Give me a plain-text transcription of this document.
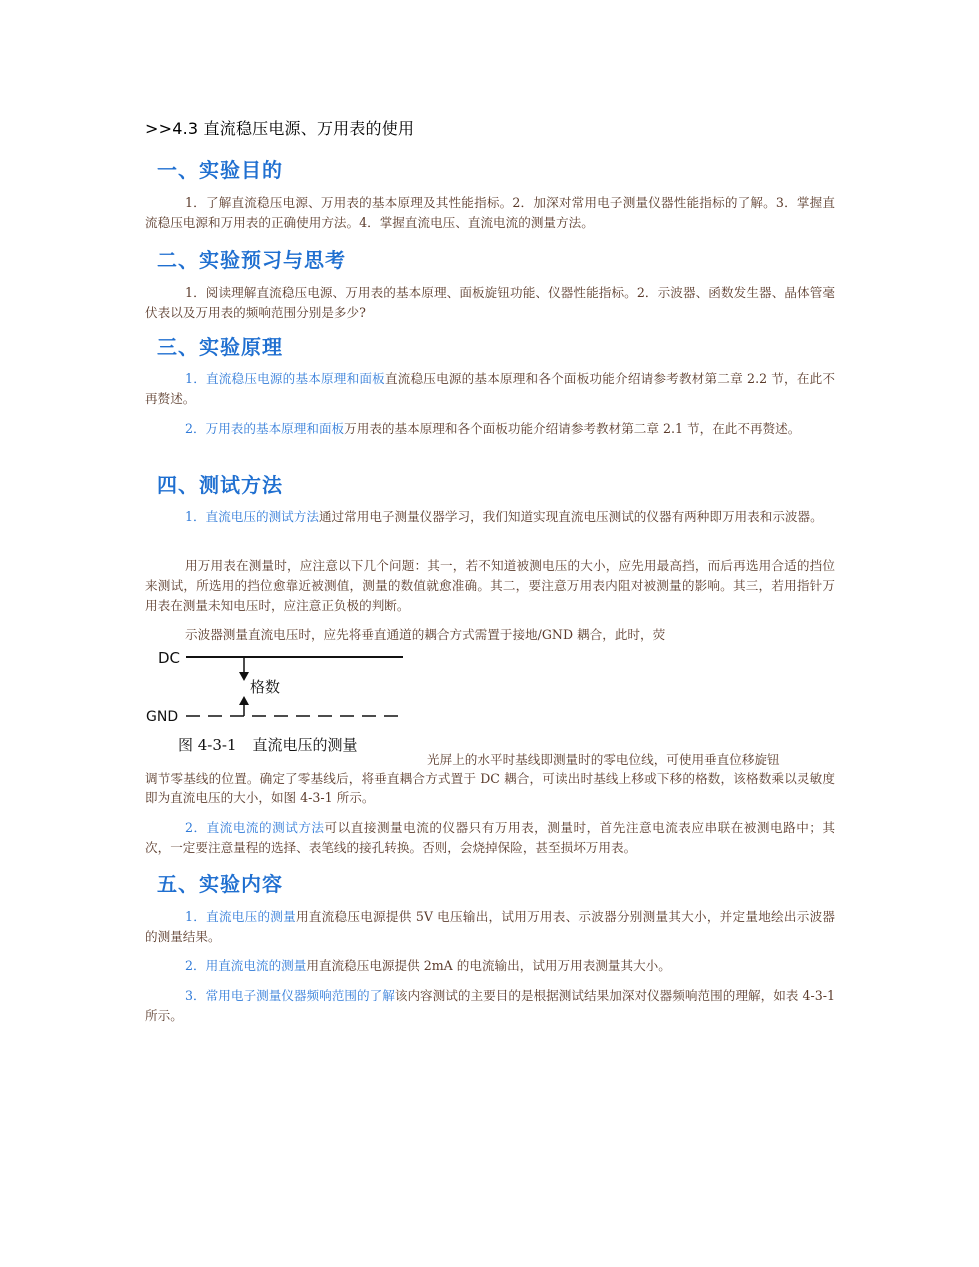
>>4.3 直流稳压电源、万用表的使用
一、实验目的
1．了解直流稳压电源、万用表的基本原理及其性能指标。2．加深对常用电子测量仪器性能指标的了解。3．掌握直流稳压电源和万用表的正确使用方法。4．掌握直流电压、直流电流的测量方法。
二、实验预习与思考
1．阅读理解直流稳压电源、万用表的基本原理、面板旋钮功能、仪器性能指标。2．示波器、函数发生器、晶体管毫伏表以及万用表的频响范围分别是多少?
三、实验原理
1．直流稳压电源的基本原理和面板直流稳压电源的基本原理和各个面板功能介绍请参考教材第二章 2.2 节，在此不再赘述。
2．万用表的基本原理和面板万用表的基本原理和各个面板功能介绍请参考教材第二章 2.1 节，在此不再赘述。
四、测试方法
1．直流电压的测试方法通过常用电子测量仪器学习，我们知道实现直流电压测试的仪器有两种即万用表和示波器。
用万用表在测量时，应注意以下几个问题：其一，若不知道被测电压的大小，应先用最高挡，而后再选用合适的挡位来测试，所选用的挡位愈靠近被测值，测量的数值就愈准确。其二，要注意万用表内阻对被测量的影响。其三，若用指针万用表在测量未知电压时，应注意正负极的判断。
示波器测量直流电压时，应先将垂直通道的耦合方式需置于接地/GND 耦合，此时，荧
DC
格数
GND
图 4-3-1 直流电压的测量
光屏上的水平时基线即测量时的零电位线，可使用垂直位移旋钮
调节零基线的位置。确定了零基线后，将垂直耦合方式置于 DC 耦合，可读出时基线上移或下移的格数，该格数乘以灵敏度即为直流电压的大小，如图 4-3-1 所示。
2．直流电流的测试方法可以直接测量电流的仪器只有万用表，测量时，首先注意电流表应串联在被测电路中；其次，一定要注意量程的选择、表笔线的接孔转换。否则，会烧掉保险，甚至损坏万用表。
五、实验内容
1．直流电压的测量用直流稳压电源提供 5V 电压输出，试用万用表、示波器分别测量其大小，并定量地绘出示波器的测量结果。
2．用直流电流的测量用直流稳压电源提供 2mA 的电流输出，试用万用表测量其大小。
3．常用电子测量仪器频响范围的了解该内容测试的主要目的是根据测试结果加深对仪器频响范围的理解，如表 4-3-1 所示。
